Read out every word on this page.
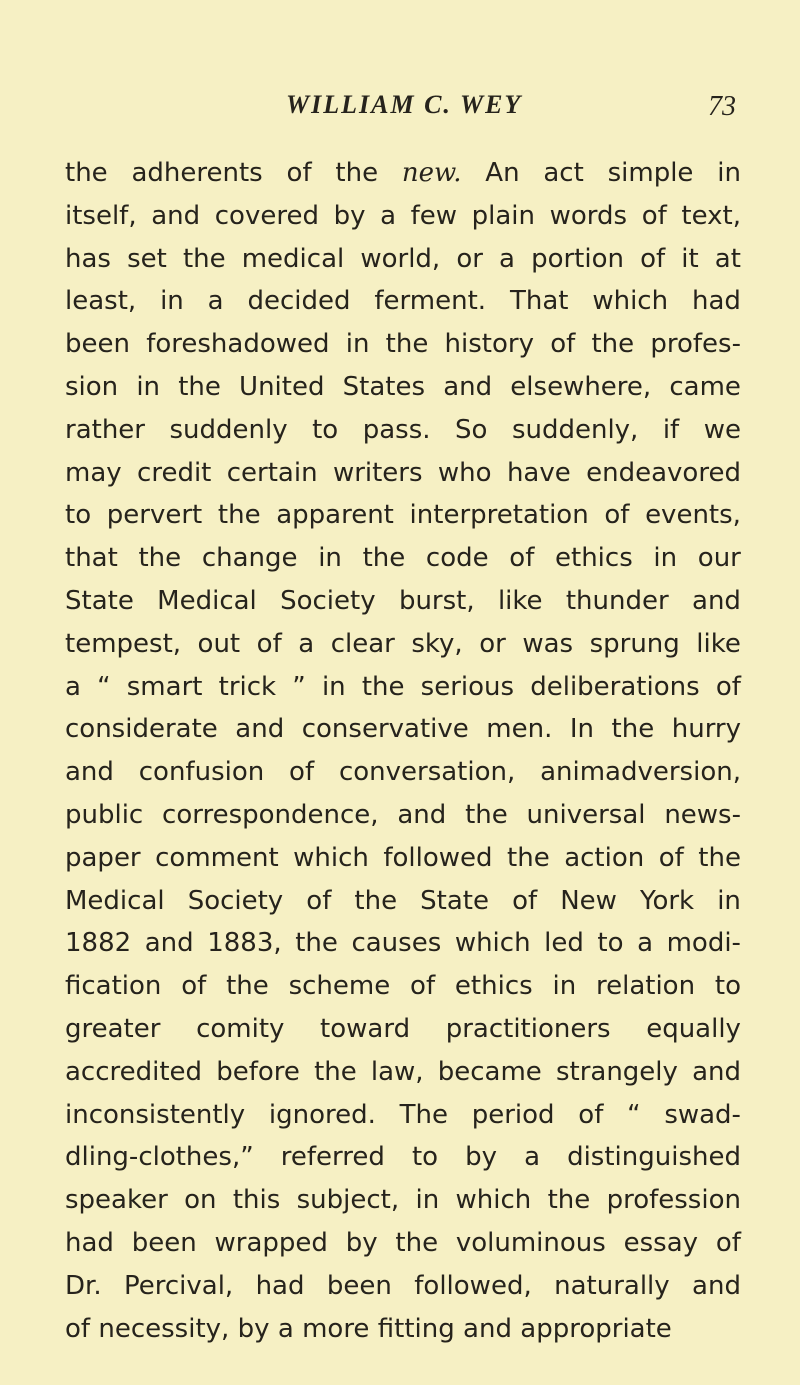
WILLIAM C. WEY	73
the adherents of the new. An act simple in
itself, and covered by a few plain words of text,
has set the medical world, or a portion of it at
least, in a decided ferment. That which had
been foreshadowed in the history of the profes-
sion in the United States and elsewhere, came
rather suddenly to pass. So suddenly, if we
may credit certain writers who have endeavored
to pervert the apparent interpretation of events,
that the change in the code of ethics in our
State Medical Society burst, like thunder and
tempest, out of a clear sky, or was sprung like
a “ smart trick ” in the serious deliberations of
considerate and conservative men. In the hurry
and confusion of conversation, animadversion,
public correspondence, and the universal news-
paper comment which followed the action of the
Medical Society of the State of New York in
1882 and 1883, the causes which led to a modi-
fication of the scheme of ethics in relation to
greater comity toward practitioners equally
accredited before the law, became strangely and
inconsistently ignored. The period of “ swad-
dling-clothes,” referred to by a distinguished
speaker on this subject, in which the profession
had been wrapped by the voluminous essay of
Dr. Percival, had been followed, naturally and
of necessity, by a more fitting and appropriate
